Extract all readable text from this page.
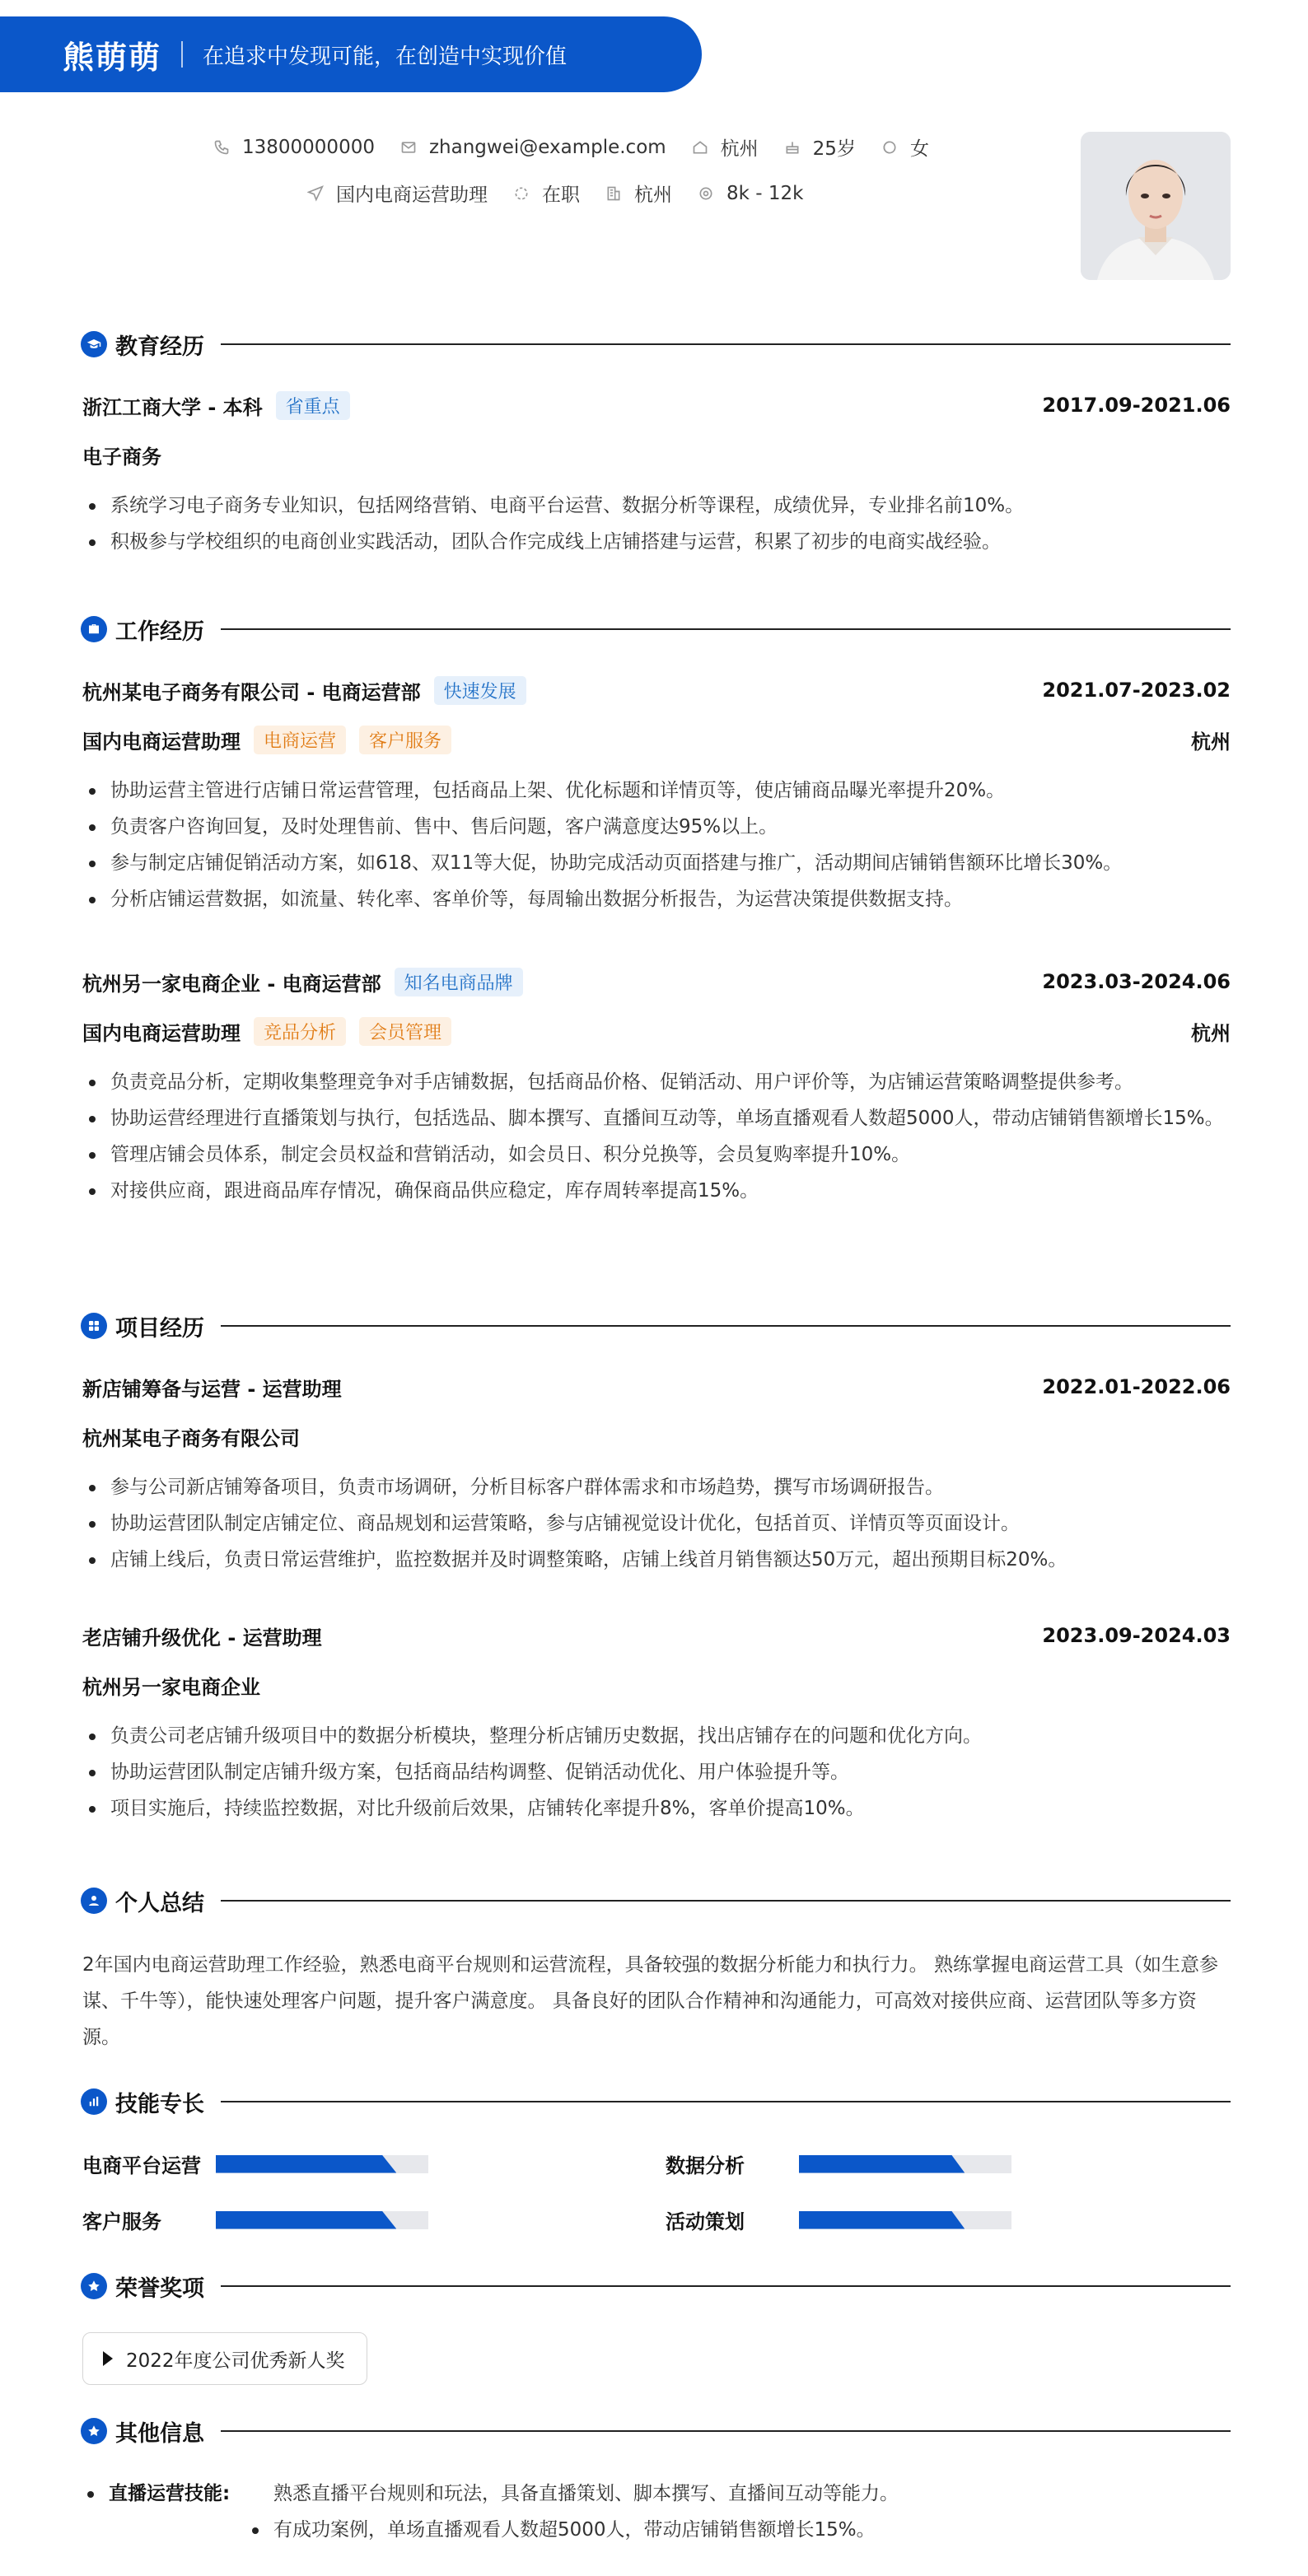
熊萌萌 在追求中发现可能，在创造中实现价值
13800000000	zhangwei@example.com	杭州	25岁	女
国内电商运营助理	在职	杭州	8k - 12k
教育经历
浙江工商大学 - 本科	省重点	2017.09-2021.06
电子商务
系统学习电子商务专业知识，包括网络营销、电商平台运营、数据分析等课程，成绩优异，专业排名前10%。
积极参与学校组织的电商创业实践活动，团队合作完成线上店铺搭建与运营，积累了初步的电商实战经验。
工作经历
杭州某电子商务有限公司 - 电商运营部	快速发展	2021.07-2023.02
国内电商运营助理	电商运营	客户服务	杭州
协助运营主管进行店铺日常运营管理，包括商品上架、优化标题和详情页等，使店铺商品曝光率提升20%。
负责客户咨询回复，及时处理售前、售中、售后问题，客户满意度达95%以上。
参与制定店铺促销活动方案，如618、双11等大促，协助完成活动页面搭建与推广，活动期间店铺销售额环比增长30%。
分析店铺运营数据，如流量、转化率、客单价等，每周输出数据分析报告，为运营决策提供数据支持。
杭州另一家电商企业 - 电商运营部	知名电商品牌	2023.03-2024.06
国内电商运营助理	竞品分析	会员管理	杭州
负责竞品分析，定期收集整理竞争对手店铺数据，包括商品价格、促销活动、用户评价等，为店铺运营策略调整提供参考。
协助运营经理进行直播策划与执行，包括选品、脚本撰写、直播间互动等，单场直播观看人数超5000人，带动店铺销售额增长15%。
管理店铺会员体系，制定会员权益和营销活动，如会员日、积分兑换等，会员复购率提升10%。
对接供应商，跟进商品库存情况，确保商品供应稳定，库存周转率提高15%。
项目经历
新店铺筹备与运营 - 运营助理	2022.01-2022.06
杭州某电子商务有限公司
参与公司新店铺筹备项目，负责市场调研，分析目标客户群体需求和市场趋势，撰写市场调研报告。
协助运营团队制定店铺定位、商品规划和运营策略，参与店铺视觉设计优化，包括首页、详情页等页面设计。
店铺上线后，负责日常运营维护，监控数据并及时调整策略，店铺上线首月销售额达50万元，超出预期目标20%。
老店铺升级优化 - 运营助理	2023.09-2024.03
杭州另一家电商企业
负责公司老店铺升级项目中的数据分析模块，整理分析店铺历史数据，找出店铺存在的问题和优化方向。
协助运营团队制定店铺升级方案，包括商品结构调整、促销活动优化、用户体验提升等。
项目实施后，持续监控数据，对比升级前后效果，店铺转化率提升8%，客单价提高10%。
个人总结
2年国内电商运营助理工作经验，熟悉电商平台规则和运营流程，具备较强的数据分析能力和执行力。 熟练掌握电商运营工具（如生意参谋、千牛等），能快速处理客户问题，提升客户满意度。 具备良好的团队合作精神和沟通能力，可高效对接供应商、运营团队等多方资源。
技能专长
电商平台运营	数据分析
客户服务	活动策划
荣誉奖项
2022年度公司优秀新人奖
其他信息
直播运营技能:	熟悉直播平台规则和玩法，具备直播策划、脚本撰写、直播间互动等能力。
有成功案例，单场直播观看人数超5000人，带动店铺销售额增长15%。
